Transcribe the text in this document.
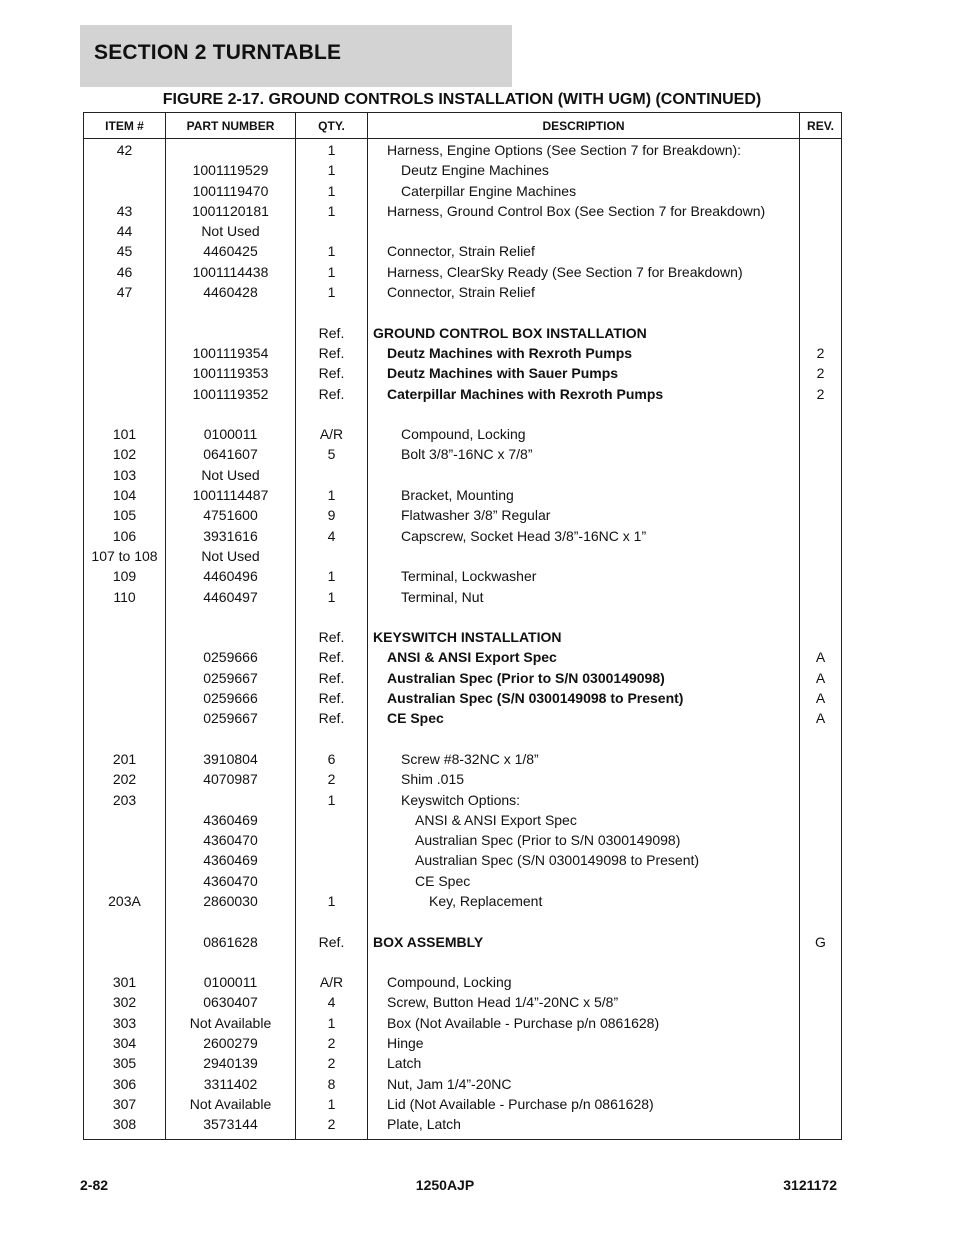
SECTION 2 TURNTABLE
FIGURE 2-17. GROUND CONTROLS INSTALLATION (WITH UGM) (CONTINUED)
ITEM #	PART NUMBER	QTY.	DESCRIPTION	REV.
42		1	Harness, Engine Options (See Section 7 for Breakdown):	
	1001119529	1	Deutz Engine Machines	
	1001119470	1	Caterpillar Engine Machines	
43	1001120181	1	Harness, Ground Control Box (See Section 7 for Breakdown)	
44	Not Used			
45	4460425	1	Connector, Strain Relief	
46	1001114438	1	Harness, ClearSky Ready (See Section 7 for Breakdown)	
47	4460428	1	Connector, Strain Relief	

		Ref.	GROUND CONTROL BOX INSTALLATION	
	1001119354	Ref.	Deutz Machines with Rexroth Pumps	2
	1001119353	Ref.	Deutz Machines with Sauer Pumps	2
	1001119352	Ref.	Caterpillar Machines with Rexroth Pumps	2

101	0100011	A/R	Compound, Locking	
102	0641607	5	Bolt 3/8”-16NC x 7/8”	
103	Not Used			
104	1001114487	1	Bracket, Mounting	
105	4751600	9	Flatwasher 3/8” Regular	
106	3931616	4	Capscrew, Socket Head 3/8”-16NC x 1”	
107 to 108	Not Used			
109	4460496	1	Terminal, Lockwasher	
110	4460497	1	Terminal, Nut	

		Ref.	KEYSWITCH INSTALLATION	
	0259666	Ref.	ANSI & ANSI Export Spec	A
	0259667	Ref.	Australian Spec (Prior to S/N 0300149098)	A
	0259666	Ref.	Australian Spec (S/N 0300149098 to Present)	A
	0259667	Ref.	CE Spec	A

201	3910804	6	Screw #8-32NC x 1/8”	
202	4070987	2	Shim .015	
203		1	Keyswitch Options:	
	4360469		ANSI & ANSI Export Spec	
	4360470		Australian Spec (Prior to S/N 0300149098)	
	4360469		Australian Spec (S/N 0300149098 to Present)	
	4360470		CE Spec	
203A	2860030	1	Key, Replacement	

	0861628	Ref.	BOX ASSEMBLY	G

301	0100011	A/R	Compound, Locking	
302	0630407	4	Screw, Button Head 1/4”-20NC x 5/8”	
303	Not Available	1	Box (Not Available - Purchase p/n 0861628)	
304	2600279	2	Hinge	
305	2940139	2	Latch	
306	3311402	8	Nut, Jam 1/4”-20NC	
307	Not Available	1	Lid (Not Available - Purchase p/n 0861628)	
308	3573144	2	Plate, Latch	
2-82	1250AJP	3121172
